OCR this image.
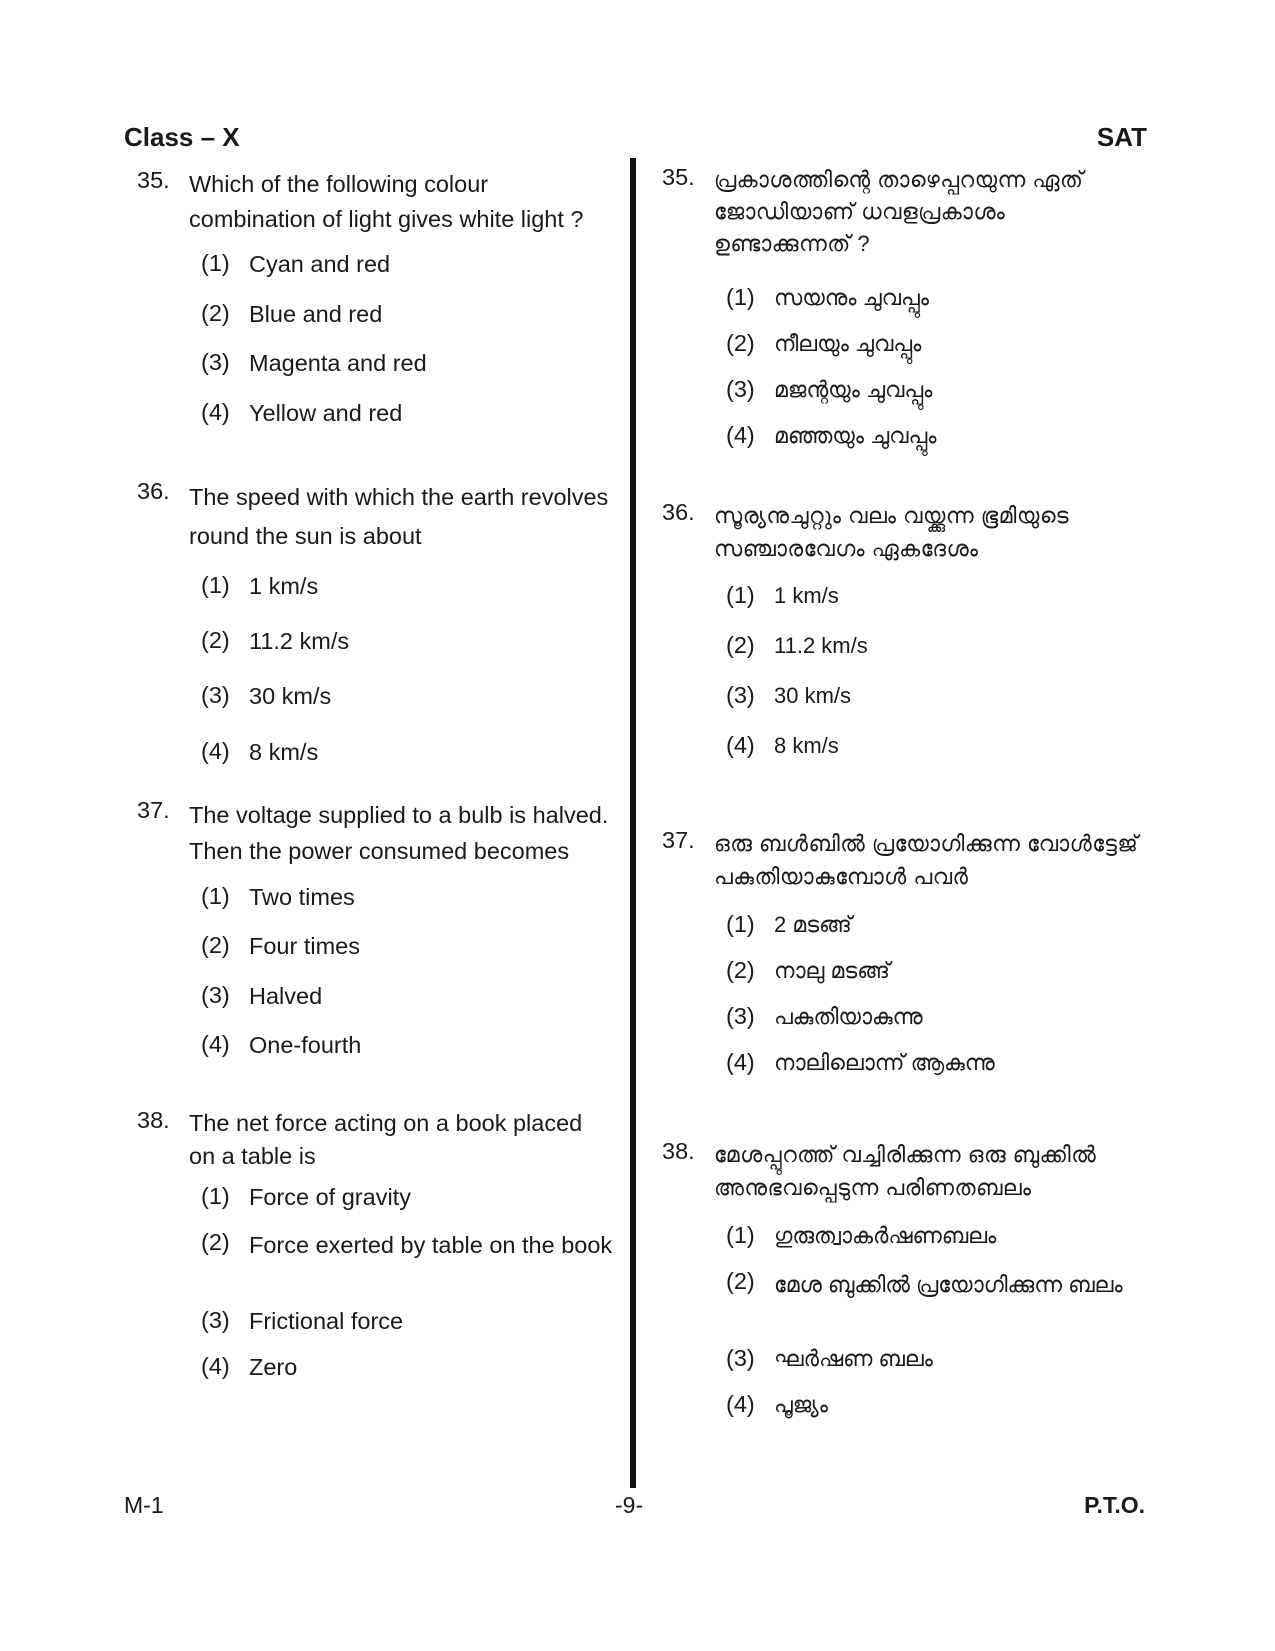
Class – X	SAT
35. Which of the following colour combination of light gives white light ?
(1) Cyan and red
(2) Blue and red
(3) Magenta and red
(4) Yellow and red
36. The speed with which the earth revolves round the sun is about
(1) 1 km/s
(2) 11.2 km/s
(3) 30 km/s
(4) 8 km/s
37. The voltage supplied to a bulb is halved. Then the power consumed becomes
(1) Two times
(2) Four times
(3) Halved
(4) One-fourth
38. The net force acting on a book placed on a table is
(1) Force of gravity
(2) Force exerted by table on the book
(3) Frictional force
(4) Zero
35. പ്രകാശത്തിന്റെ താഴെപ്പറയുന്ന ഏത് ജോഡിയാണ് ധവളപ്രകാശം ഉണ്ടാക്കുന്നത് ?
(1) സയനും ചുവപ്പും
(2) നീലയും ചുവപ്പും
(3) മജന്റയും ചുവപ്പും
(4) മഞ്ഞയും ചുവപ്പും
36. സൂര്യനുചുറ്റും വലം വയ്ക്കുന്ന ഭൂമിയുടെ സഞ്ചാരവേഗം ഏകദേശം
(1) 1 km/s
(2) 11.2 km/s
(3) 30 km/s
(4) 8 km/s
37. ഒരു ബൾബിൽ പ്രയോഗിക്കുന്ന വോൾട്ടേജ് പകുതിയാകുമ്പോൾ പവർ
(1) 2 മടങ്ങ്
(2) നാലു മടങ്ങ്
(3) പകുതിയാകുന്നു
(4) നാലിലൊന്ന് ആകുന്നു
38. മേശപ്പുറത്ത് വച്ചിരിക്കുന്ന ഒരു ബുക്കിൽ അനുഭവപ്പെടുന്ന പരിണതബലം
(1) ഗുരുത്വാകർഷണബലം
(2) മേശ ബുക്കിൽ പ്രയോഗിക്കുന്ന ബലം
(3) ഘർഷണ ബലം
(4) പൂജ്യം
M-1	-9-	P.T.O.
